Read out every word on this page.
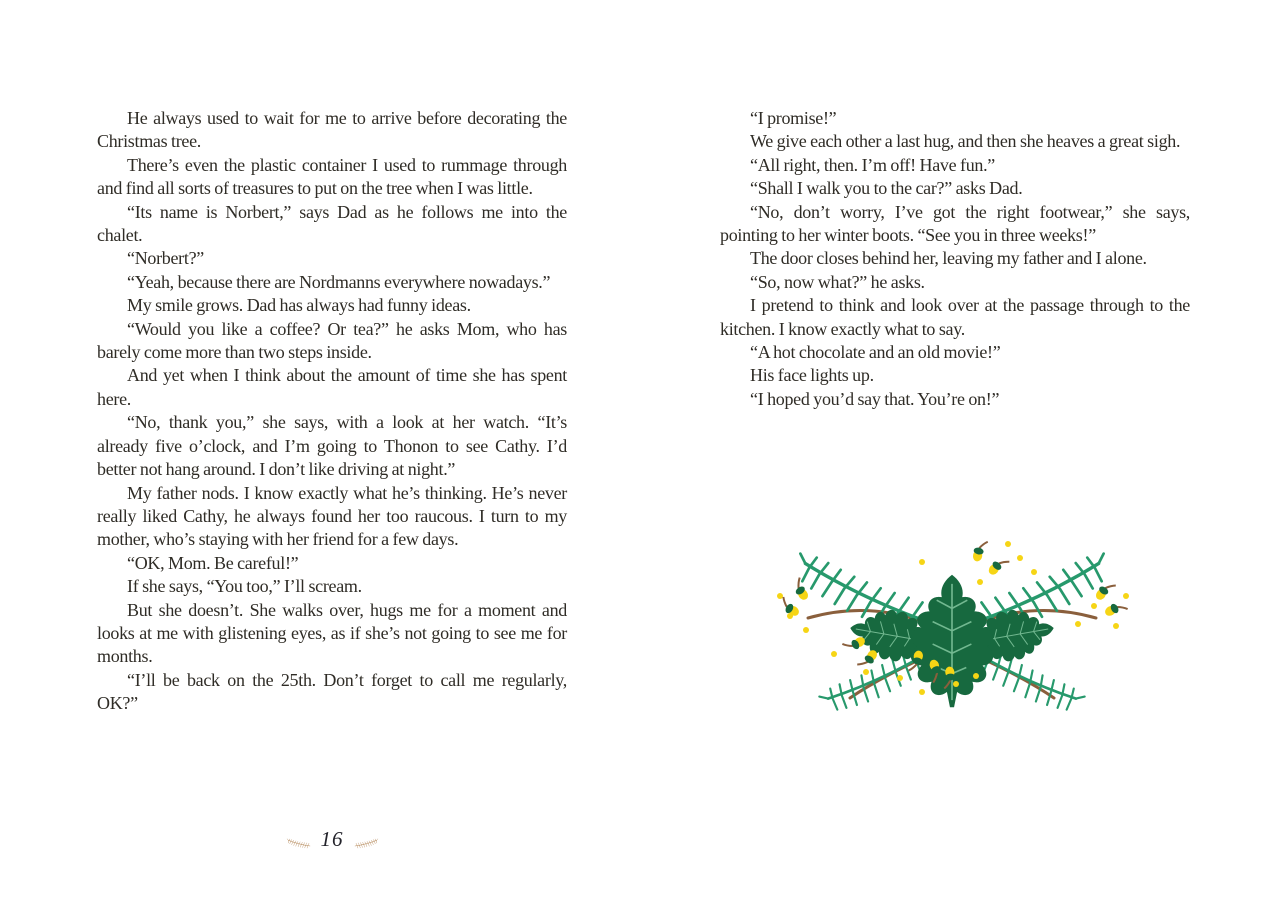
He always used to wait for me to arrive before decorating the Christmas tree.

There’s even the plastic container I used to rummage through and find all sorts of treasures to put on the tree when I was little.

“Its name is Norbert,” says Dad as he follows me into the chalet.

“Norbert?”

“Yeah, because there are Nordmanns everywhere nowadays.”

My smile grows. Dad has always had funny ideas.

“Would you like a coffee? Or tea?” he asks Mom, who has barely come more than two steps inside.

And yet when I think about the amount of time she has spent here.

“No, thank you,” she says, with a look at her watch. “It’s already five o’clock, and I’m going to Thonon to see Cathy. I’d better not hang around. I don’t like driving at night.”

My father nods. I know exactly what he’s thinking. He’s never really liked Cathy, he always found her too raucous. I turn to my mother, who’s staying with her friend for a few days.

“OK, Mom. Be careful!”

If she says, “You too,” I’ll scream.

But she doesn’t. She walks over, hugs me for a moment and looks at me with glistening eyes, as if she’s not going to see me for months.

“I’ll be back on the 25th. Don’t forget to call me regularly, OK?”

“I promise!”

We give each other a last hug, and then she heaves a great sigh.

“All right, then. I’m off! Have fun.”

“Shall I walk you to the car?” asks Dad.

“No, don’t worry, I’ve got the right footwear,” she says, pointing to her winter boots. “See you in three weeks!”

The door closes behind her, leaving my father and I alone.

“So, now what?” he asks.

I pretend to think and look over at the passage through to the kitchen. I know exactly what to say.

“A hot chocolate and an old movie!”

His face lights up.

“I hoped you’d say that. You’re on!”

16
